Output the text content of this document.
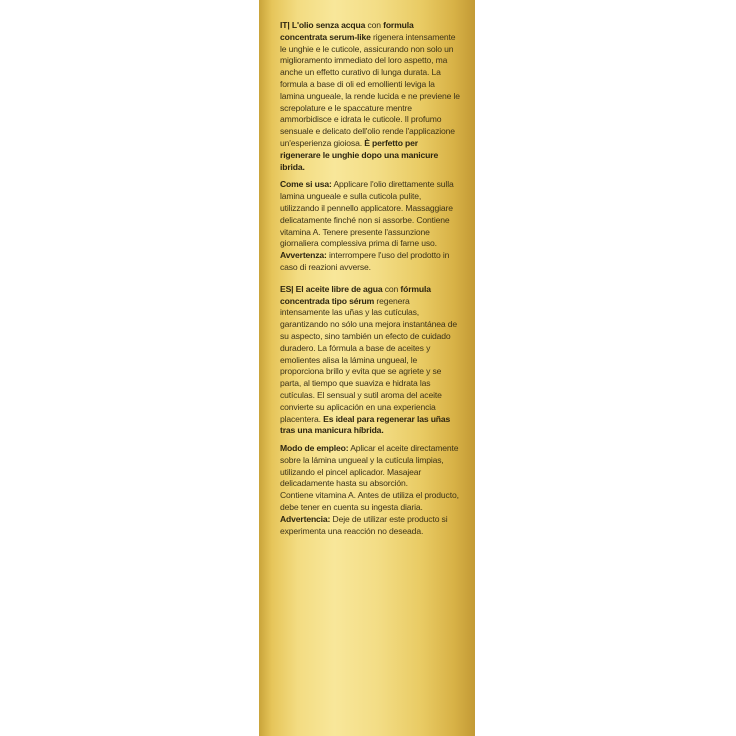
IT| L'olio senza acqua con formula concentrata serum-like rigenera intensamente le unghie e le cuticole, assicurando non solo un miglioramento immediato del loro aspetto, ma anche un effetto curativo di lunga durata. La formula a base di oli ed emollienti leviga la lamina ungueale, la rende lucida e ne previene le screpolature e le spaccature mentre ammorbidisce e idrata le cuticole. Il profumo sensuale e delicato dell'olio rende l'applicazione un'esperienza gioiosa. È perfetto per rigenerare le unghie dopo una manicure ibrida.

Come si usa: Applicare l'olio direttamente sulla lamina ungueale e sulla cuticola pulite, utilizzando il pennello applicatore. Massaggiare delicatamente finché non si assorbe. Contiene vitamina A. Tenere presente l'assunzione giornaliera complessiva prima di farne uso.
Avvertenza: interrompere l'uso del prodotto in caso di reazioni avverse.

ES| El aceite libre de agua con fórmula concentrada tipo sérum regenera intensamente las uñas y las cutículas, garantizando no sólo una mejora instantánea de su aspecto, sino también un efecto de cuidado duradero. La fórmula a base de aceites y emolientes alisa la lámina ungueal, le proporciona brillo y evita que se agriete y se parta, al tiempo que suaviza e hidrata las cutículas. El sensual y sutil aroma del aceite convierte su aplicación en una experiencia placentera. Es ideal para regenerar las uñas tras una manicura híbrida.

Modo de empleo: Aplicar el aceite directamente sobre la lámina ungueal y la cutícula limpias, utilizando el pincel aplicador. Masajear delicadamente hasta su absorción.
Contiene vitamina A. Antes de utiliza el producto, debe tener en cuenta su ingesta diaria.
Advertencia: Deje de utilizar este producto si experimenta una reacción no deseada.
